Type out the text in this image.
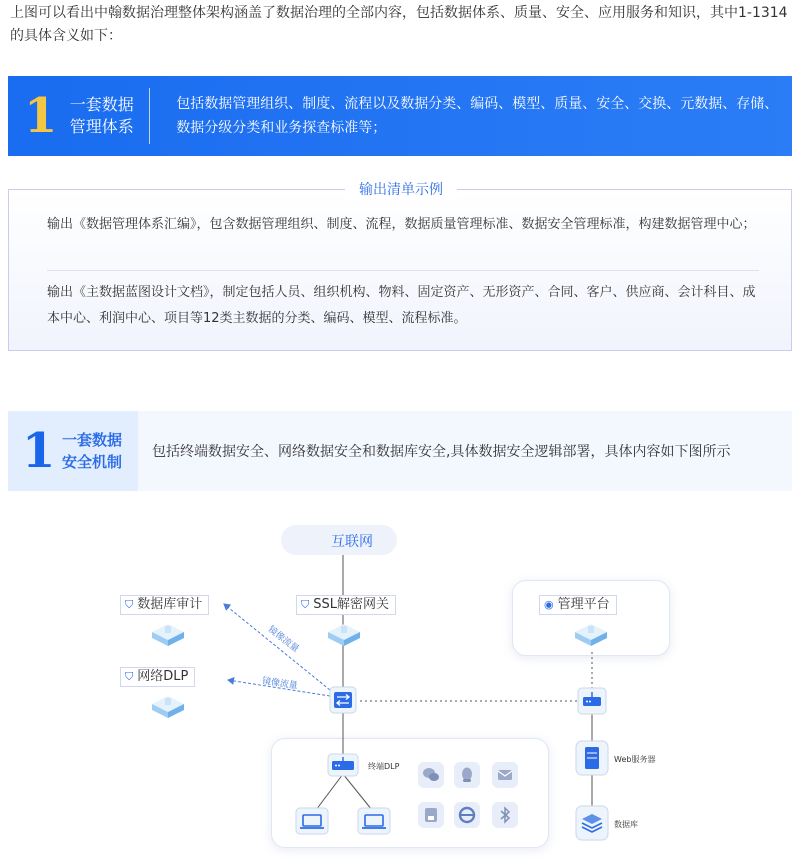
上图可以看出中翰数据治理整体架构涵盖了数据治理的全部内容，包括数据体系、质量、安全、应用服务和知识，其中1-1314的具体含义如下：
1 一套数据
管理体系
包括数据管理组织、制度、流程以及数据分类、编码、模型、质量、安全、交换、元数据、存储、数据分级分类和业务探查标准等；
输出清单示例
输出《数据管理体系汇编》，包含数据管理组织、制度、流程，数据质量管理标准、数据安全管理标准，构建数据管理中心；
输出《主数据蓝图设计文档》，制定包括人员、组织机构、物料、固定资产、无形资产、合同、客户、供应商、会计科目、成本中心、利润中心、项目等12类主数据的分类、编码、模型、流程标准。
1 一套数据
安全机制
包括终端数据安全、网络数据安全和数据库安全,具体数据安全逻辑部署，具体内容如下图所示
互联网
⛉ 数据库审计	⛉ SSL解密网关	◉ 管理平台
⛉ 网络DLP
镜像流量
镜像流量
终端DLP
Web服务器
数据库
